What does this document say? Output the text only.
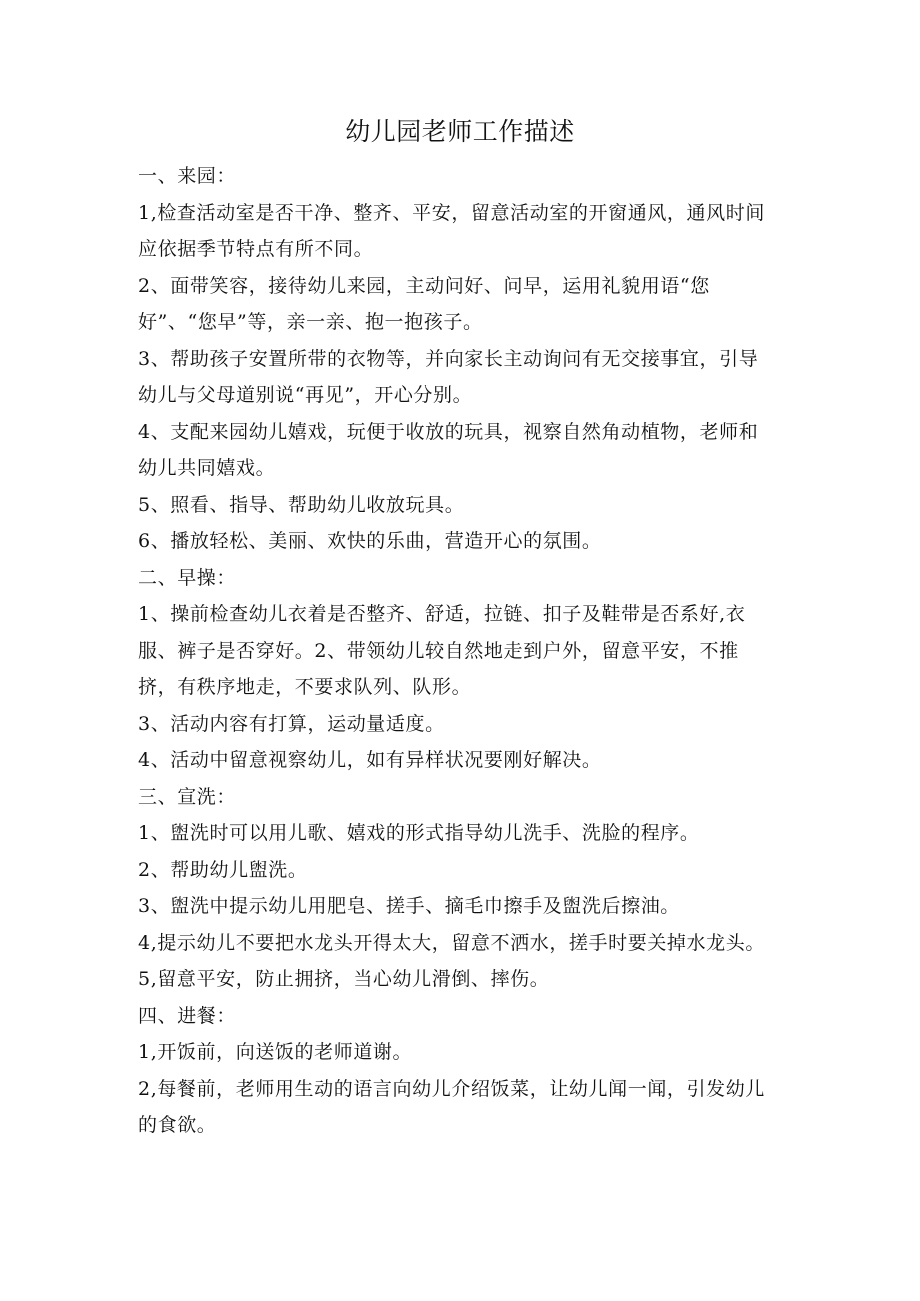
幼儿园老师工作描述

一、来园：

1,检查活动室是否干净、整齐、平安，留意活动室的开窗通风，通风时间

应依据季节特点有所不同。

2、面带笑容，接待幼儿来园，主动问好、问早，运用礼貌用语“您

好”、“您早”等，亲一亲、抱一抱孩子。

3、帮助孩子安置所带的衣物等，并向家长主动询问有无交接事宜，引导

幼儿与父母道别说“再见”，开心分别。

4、支配来园幼儿嬉戏，玩便于收放的玩具，视察自然角动植物，老师和

幼儿共同嬉戏。

5、照看、指导、帮助幼儿收放玩具。

6、播放轻松、美丽、欢快的乐曲，营造开心的氛围。

二、早操：

1、操前检查幼儿衣着是否整齐、舒适，拉链、扣子及鞋带是否系好,衣

服、裤子是否穿好。2、带领幼儿较自然地走到户外，留意平安，不推

挤，有秩序地走，不要求队列、队形。

3、活动内容有打算，运动量适度。

4、活动中留意视察幼儿，如有异样状况要刚好解决。

三、宣洗：

1、盥洗时可以用儿歌、嬉戏的形式指导幼儿洗手、洗脸的程序。

2、帮助幼儿盥洗。

3、盥洗中提示幼儿用肥皂、搓手、摘毛巾擦手及盥洗后擦油。

4,提示幼儿不要把水龙头开得太大，留意不洒水，搓手时要关掉水龙头。

5,留意平安，防止拥挤，当心幼儿滑倒、摔伤。

四、进餐：

1,开饭前，向送饭的老师道谢。

2,每餐前，老师用生动的语言向幼儿介绍饭菜，让幼儿闻一闻，引发幼儿

的食欲。
